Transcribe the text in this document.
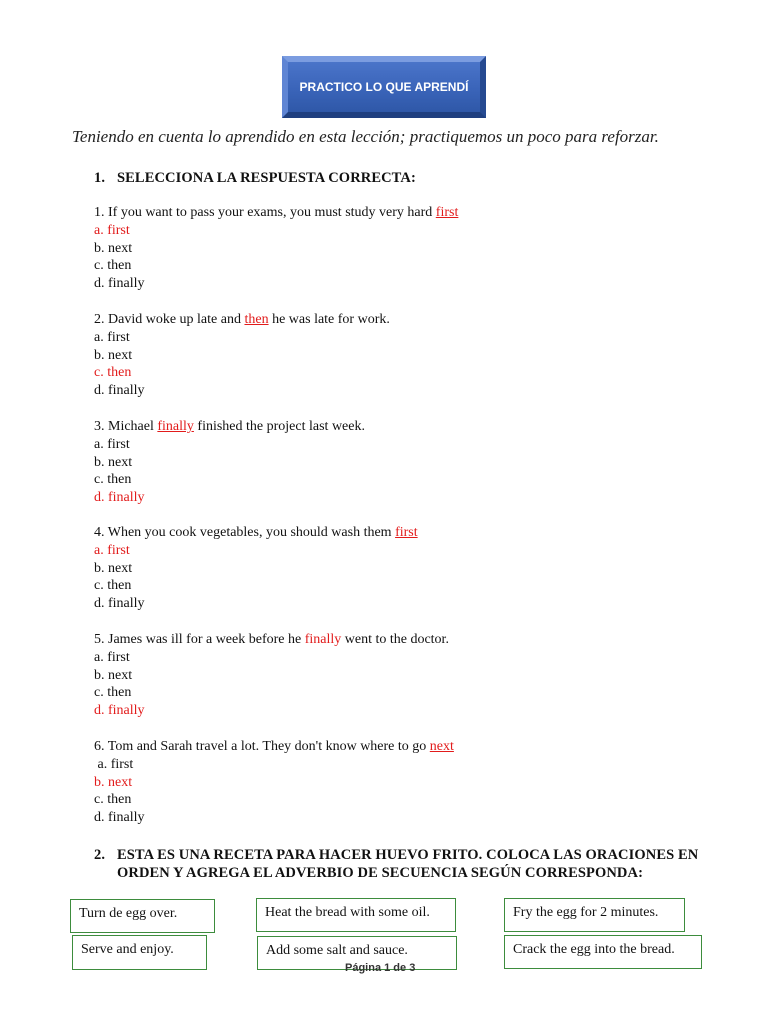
PRACTICO LO QUE APRENDÍ
Teniendo en cuenta lo aprendido en esta lección; practiquemos un poco para reforzar.
1. SELECCIONA LA RESPUESTA CORRECTA:
1. If you want to pass your exams, you must study very hard first
a. first
b. next
c. then
d. finally
2. David woke up late and then he was late for work.
a. first
b. next
c. then
d. finally
3. Michael finally finished the project last week.
a. first
b. next
c. then
d. finally
4. When you cook vegetables, you should wash them first
a. first
b. next
c. then
d. finally
5. James was ill for a week before he finally went to the doctor.
a. first
b. next
c. then
d. finally
6. Tom and Sarah travel a lot. They don't know where to go next
a. first
b. next
c. then
d. finally
2. ESTA ES UNA RECETA PARA HACER HUEVO FRITO. COLOCA LAS ORACIONES EN ORDEN Y AGREGA EL ADVERBIO DE SECUENCIA SEGÚN CORRESPONDA:
Turn de egg over.	Heat the bread with some oil.	Fry the egg for 2 minutes.
Serve and enjoy.	Add some salt and sauce.	Crack the egg into the bread.
Página 1 de 3
